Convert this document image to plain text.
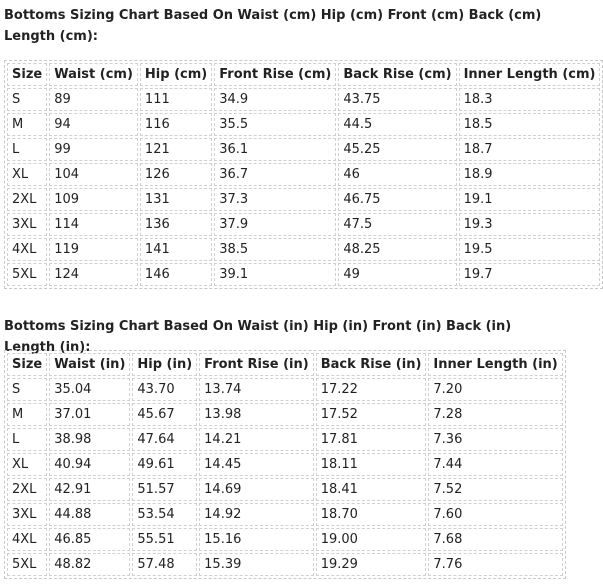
Bottoms Sizing Chart Based On Waist (cm) Hip (cm) Front (cm) Back (cm) Length (cm):

Size	Waist (cm)	Hip (cm)	Front Rise (cm)	Back Rise (cm)	Inner Length (cm)
S	89	111	34.9	43.75	18.3
M	94	116	35.5	44.5	18.5
L	99	121	36.1	45.25	18.7
XL	104	126	36.7	46	18.9
2XL	109	131	37.3	46.75	19.1
3XL	114	136	37.9	47.5	19.3
4XL	119	141	38.5	48.25	19.5
5XL	124	146	39.1	49	19.7

Bottoms Sizing Chart Based On Waist (in) Hip (in) Front (in) Back (in) Length (in):

Size	Waist (in)	Hip (in)	Front Rise (in)	Back Rise (in)	Inner Length (in)
S	35.04	43.70	13.74	17.22	7.20
M	37.01	45.67	13.98	17.52	7.28
L	38.98	47.64	14.21	17.81	7.36
XL	40.94	49.61	14.45	18.11	7.44
2XL	42.91	51.57	14.69	18.41	7.52
3XL	44.88	53.54	14.92	18.70	7.60
4XL	46.85	55.51	15.16	19.00	7.68
5XL	48.82	57.48	15.39	19.29	7.76
